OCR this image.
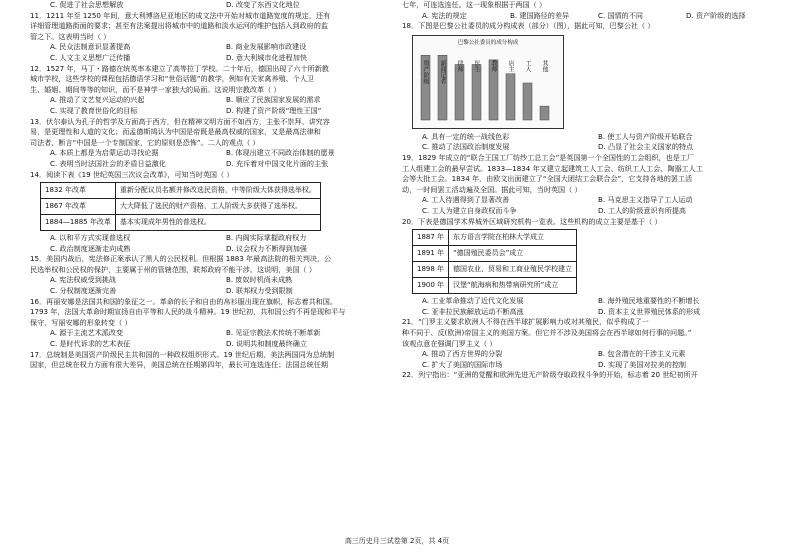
C. 促进了社会思想解放	D. 改变了东西文化地位
11．1211 年至 1250 年间，意大利博洛尼亚地区的成文法中开始对城市道路宽度的规定，还有
详细管理道路街面的要求；甚至有法案提出将城市中的道路和淡水运河的维护包括入到政府的监
管之下。这表明当时（ ）
A. 民众法制意识显著提高	B. 商业发展影响市政建设
C. 人文主义思想广泛传播	D. 意大利城市化进程加快
12．1527 年，马丁・路德在统英率本建立了高等拉丁学校。二十年后，德国出现了六十所新教
城市学校，这些学校的课程包括德语学习和“世俗话题”的教学，例如有关家禽养殖、个人卫
生、婚姻、期间等等的知识，而不是神学一家独大的局面。这说明宗教改革（ ）
A. 推动了文艺复兴运动的兴起	B. 顺应了民族国家发展的需求
C. 实现了教育世俗化的目标	D. 构建了资产阶级“理性王国”
13．伏尔泰认为孔子的哲学及方面高于西方，但在精神文明方面不如西方，主张不崇拜、讲究容
易，是更理性和人道的文化；而孟德斯鸠认为中国是帝既是最高权威的国家，又是最高法律和
司法者，断言“中国是一个专制国家，它的原则是恐怖”。二人的观点（ ）
A. 本质上都是为启蒙运动寻找论据	B. 体现出建立不同政治体制的愿景
C. 表明当时法国社会的矛盾日益激化	D. 充斥着对中国文化片面的主张
14．阅读下表《19 世纪英国三次议会改革》，可知当时英国（ ）
1832 年改革	重新分配议员名额并修改选民资格，中等阶级大体获得选举权。
1867 年改革	大大降低了选民的财产资格，工人阶级大多获得了选举权。
1884—1885 年改革	基本实现成年男性的普选权。
A. 以和平方式实现普选权	B. 内阁实际掌握政府权力
C. 政治制度逐渐走向成熟	D. 议会权力不断得到加强
15．美国内战后，宪法修正案承认了黑人的公民权利。但根据 1883 年最高法院的相关判决，公
民选举权和公民权的保护，主要属于州的管辖范围，联邦政府不能干涉。这说明，美国（ ）
A. 宪法权威受到挑战	B. 废奴时机尚未成熟
C. 分权制度逐渐完善	D. 联邦权力受到限制
16．再丽安娜是法国共和国的象征之一。革命的长子和自由的帛衫服出现在旗帜，标志着共和国。
1793 年，法国大革命时期宣扬自由平等和人民的战斗精神。19 世纪初，共和国公约不再是现和平与
保守，写丽安娜的形象转变（ ）
A. 源于主流艺术派改变	B. 见证宗教法术传统不断革新
C. 是时代诉求的艺术表征	D. 说明共和制度最终确立
17．总统制是美国资产阶级民主共和国的一种政权组织形式。19 世纪后期，美法两国同为总统制
国家，但总统在权力方面有很大差异，美国总统在任期第四年，最长可连选连任；法国总统任期
七年，可连选连任。这一现象根据于两国（ ）
A. 宪法的规定	B. 建国路径的差异	C. 国情的不同	D. 资产阶级的选择
18．下图是巴黎公社委员的成分构成表（部分）（图），据此可知，巴黎公社（ ）
巴黎公社委员的成分构成
资产阶级 新闻记者 律师 医生 教师 店主 工人 其他
A. 具有一定的统一战线色彩	B. 使工人与资产阶级开始联合
C. 推动了法国政治制度发展	D. 凸显了社会主义国家的特点
19．1829 年成立的“联合王国工厂纺纱工总工会”是英国第一个全国性的工会组织，也是工厂
工人组建工会的最早尝试。1833—1834 年又建立起建筑工人工会、纺织工人工会、陶器工人工
会等大批工会。1834 年，由欧文出面建立了“全国大团结工会联合会”，它支持各地的罢工活
动，一时间罢工活动遍及全国。据此可知，当时英国（ ）
A. 工人待遇得到了显著改善	B. 马克思主义指导了工人运动
C. 工人为建立自身政权而斗争	D. 工人的阶级意识有所提高
20．下表是德国学术界城外区域研究机构一览表。这些机构的成立主要是基于（ ）
1887 年	东方语言学院在柏林大学成立
1891 年	“德国殖民委员会”成立
1898 年	德国农业、贸易和工商业殖民学校建立
1900 年	汉堡“航海病和热带病研究所”成立
A. 工业革命推动了近代文化发展	B. 海外殖民地重要性的不断增长
C. 亚非拉民族解放运动不断高涨	D. 资本主义世界殖民体系的形成
21．“门罗主义要求欧洲人不得在西半球扩展影响力或对其殖民，似乎构成了一
种不同于、反(欧洲)帝国主义的美国方案。但它并不涉及美国将会在西半球如何行事的问题。”
该观点意在强调门罗主义（ ）
A. 推动了西方世界的分裂	B. 包含潜在的干涉主义元素
C. 扩大了美国的国际市场	D. 实现了美国对拉美的控制
22．列宁指出：“亚洲的觉醒和欧洲先进无产阶级夺取政权斗争的开始，标志着 20 世纪初所开
高三历史月三试卷第 2页，共 4页
